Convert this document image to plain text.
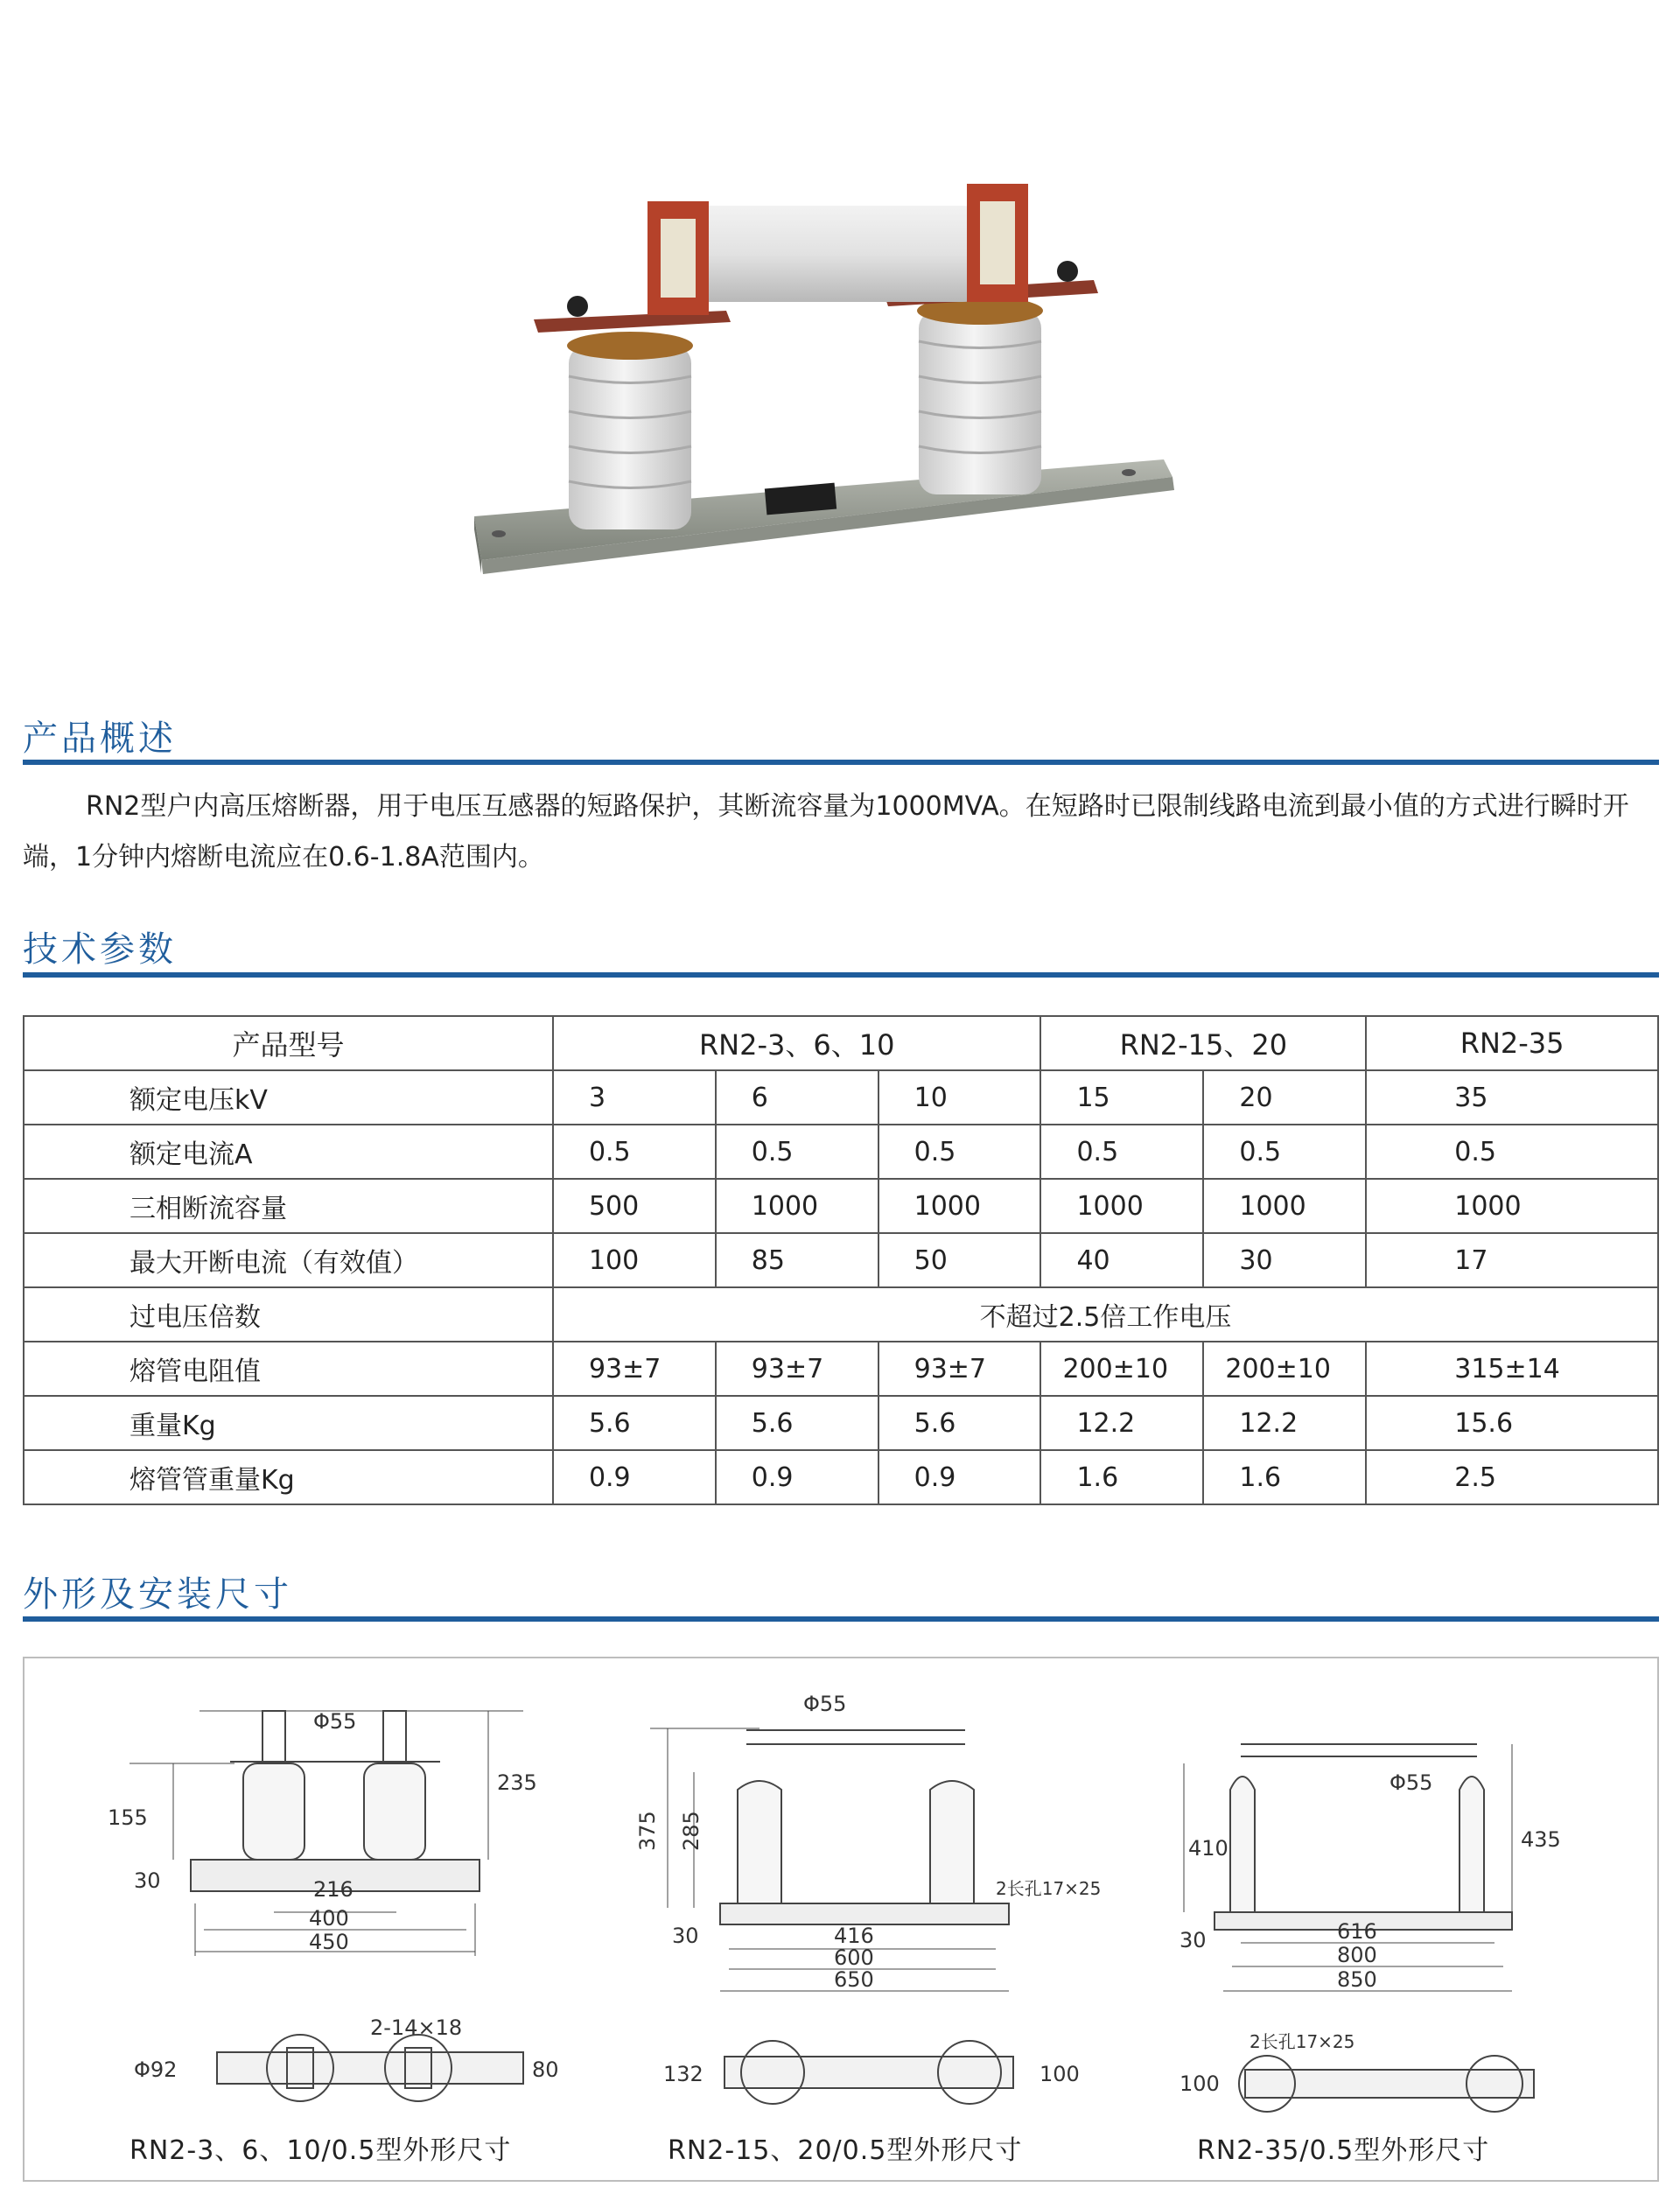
产品概述
RN2型户内高压熔断器，用于电压互感器的短路保护，其断流容量为1000MVA。在短路时已限制线路电流到最小值的方式进行瞬时开端，1分钟内熔断电流应在0.6-1.8A范围内。
技术参数
产品型号	RN2-3、6、10			RN2-15、20		RN2-35
额定电压kV	3	6	10	15	20	35
额定电流A	0.5	0.5	0.5	0.5	0.5	0.5
三相断流容量	500	1000	1000	1000	1000	1000
最大开断电流（有效值）	100	85	50	40	30	17
过电压倍数	不超过2.5倍工作电压					
熔管电阻值	93±7	93±7	93±7	200±10	200±10	315±14
重量Kg	5.6	5.6	5.6	12.2	12.2	15.6
熔管管重量Kg	0.9	0.9	0.9	1.6	1.6	2.5
外形及安装尺寸
Φ55
235
155
30	216
400
450
2-14×18
Φ92	80
Φ55
375 285
2长孔17×25
30	416
600
650
132	100
Φ55
410	435
30	616
800
850
2长孔17×25
100
RN2-3、6、10/0.5型外形尺寸	RN2-15、20/0.5型外形尺寸	RN2-35/0.5型外形尺寸
